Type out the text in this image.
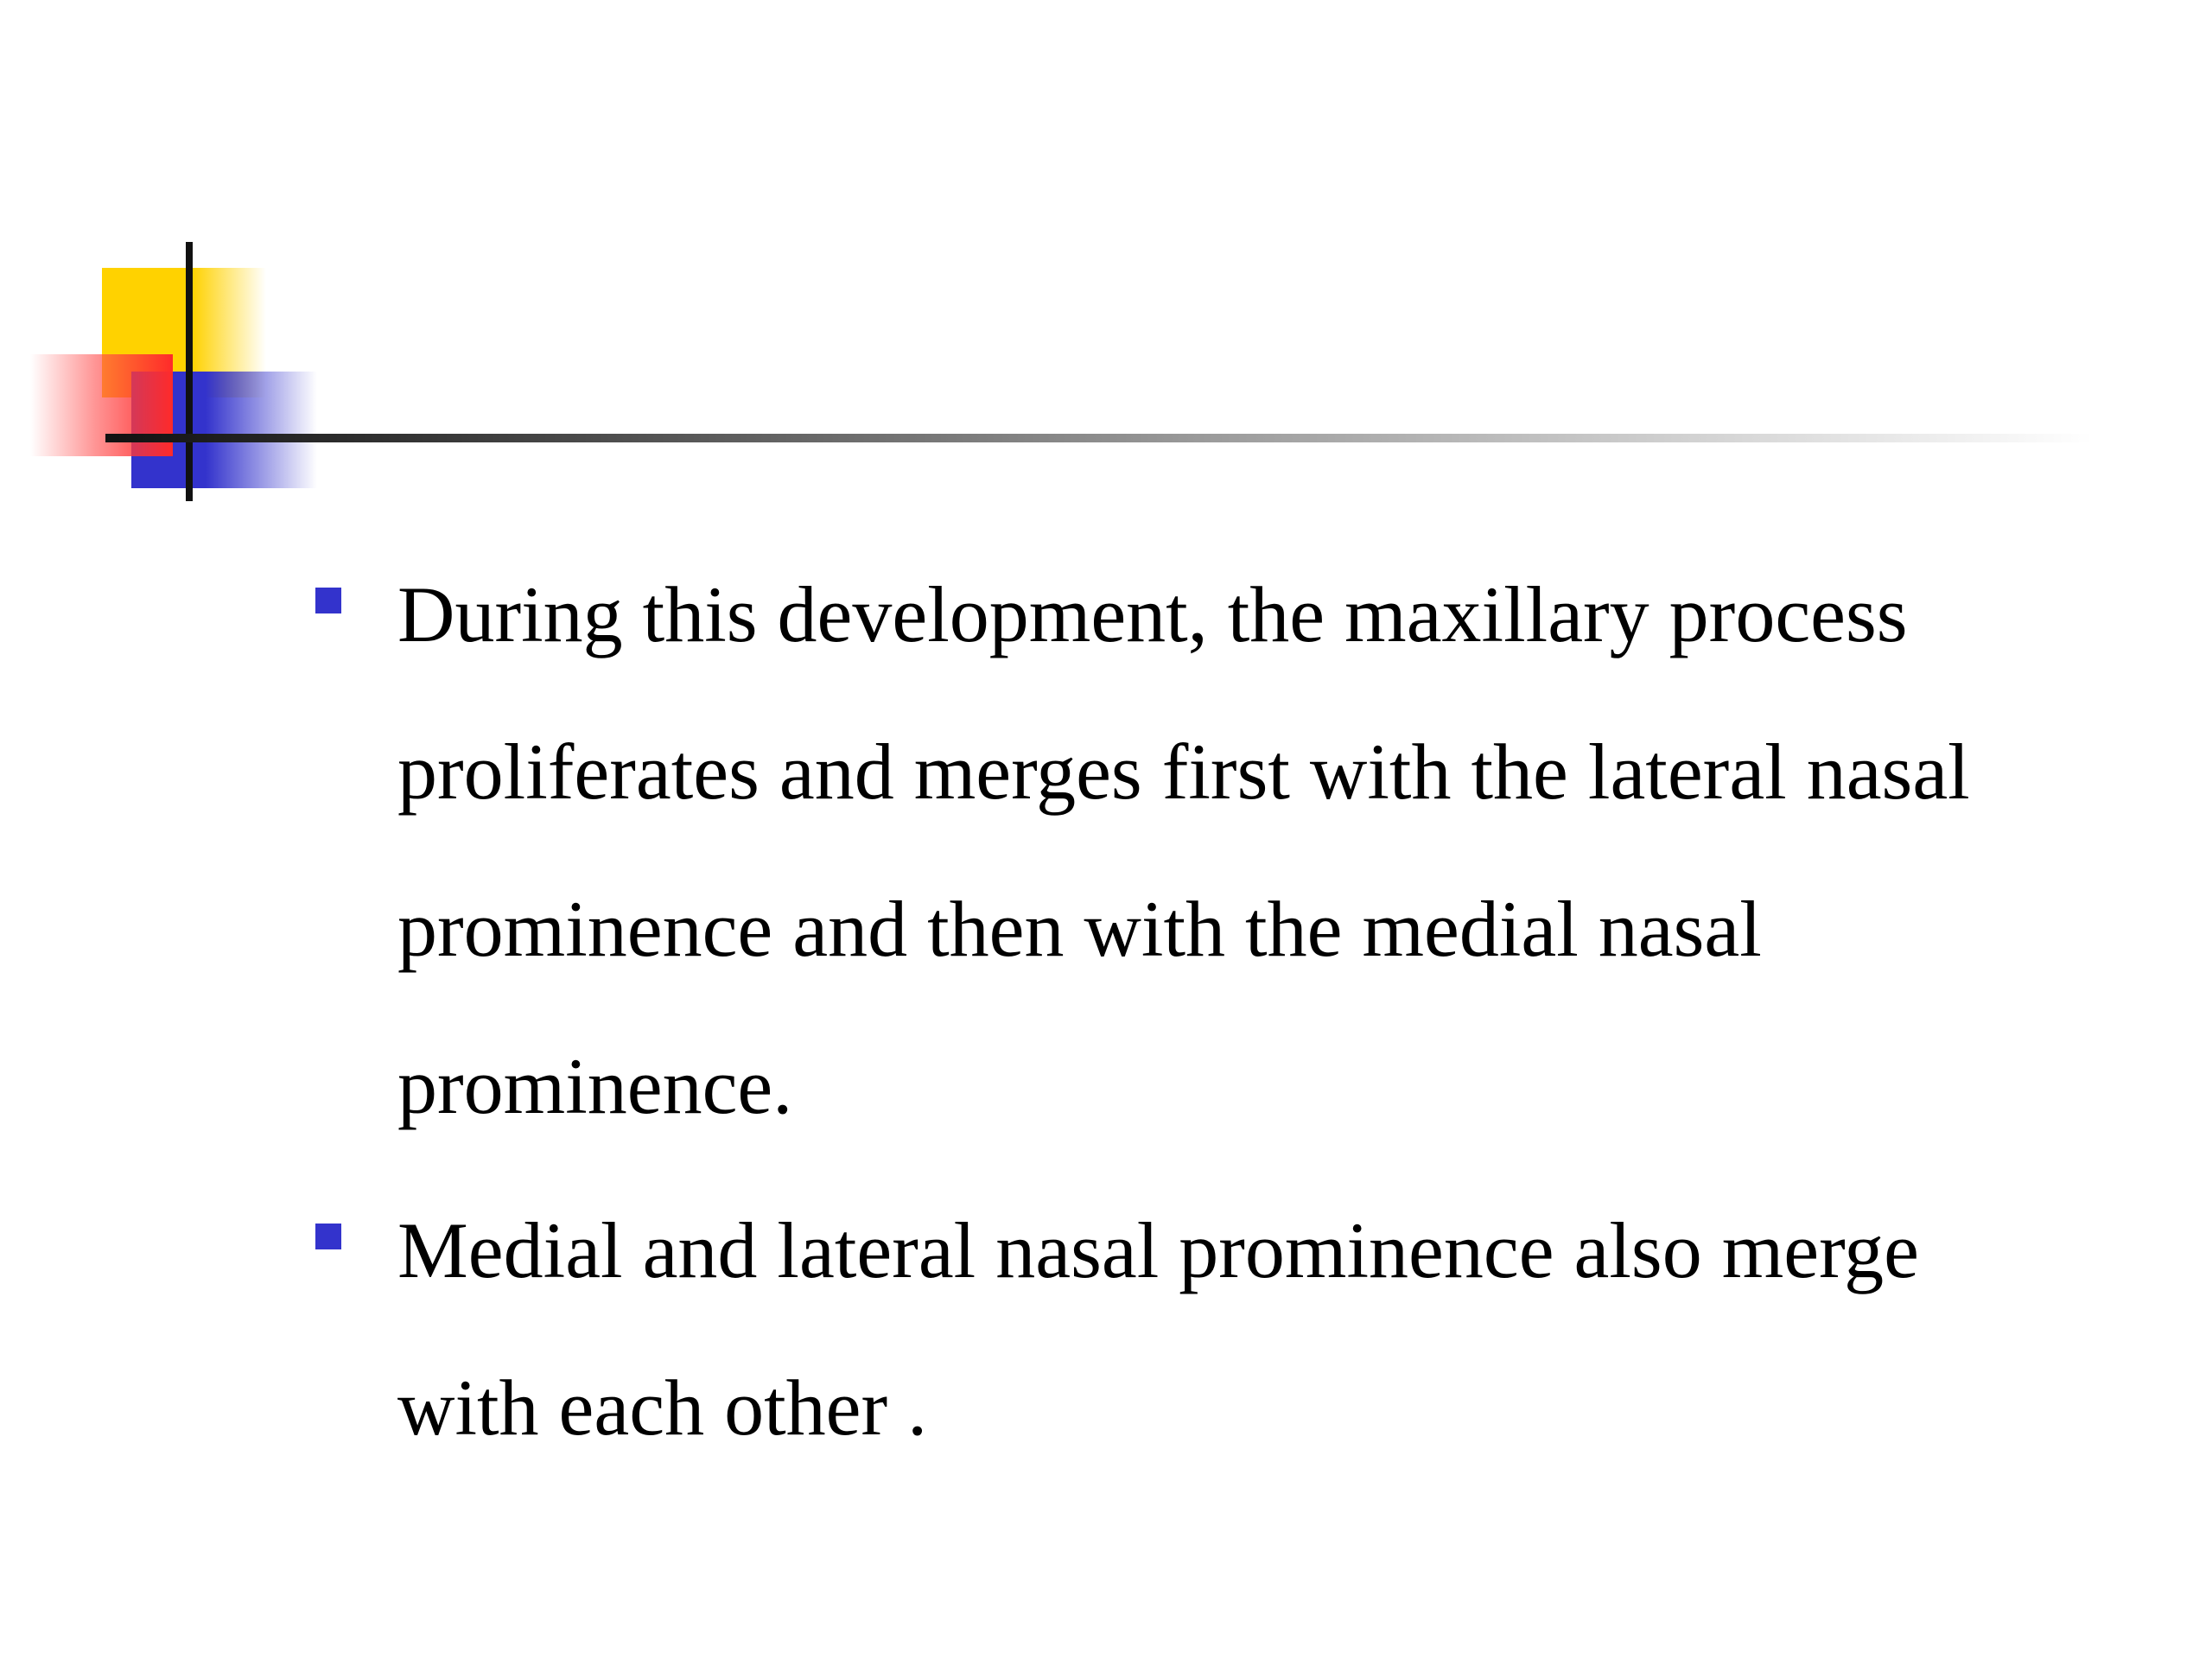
During this development, the maxillary process
proliferates and merges first with the lateral nasal
prominence and then with the medial nasal
prominence.
Medial and lateral nasal prominence also merge
with each other .
